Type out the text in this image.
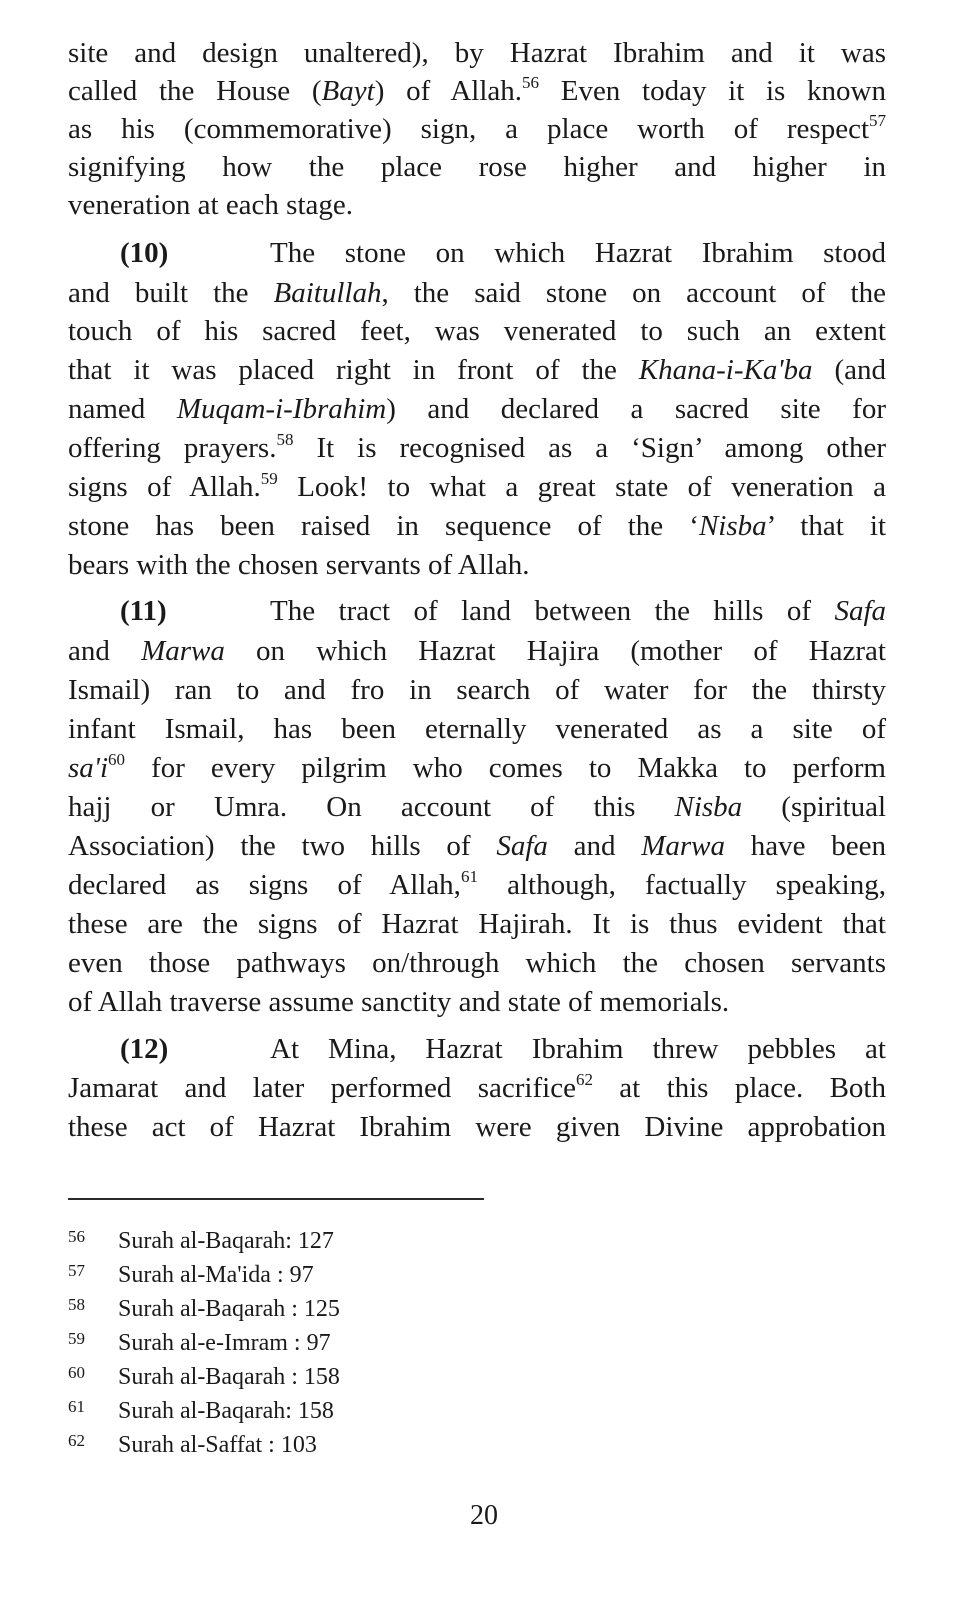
site and design unaltered), by Hazrat Ibrahim and it was
called the House (Bayt) of Allah.$^{56}$ Even today it is known
as his (commemorative) sign, a place worth of respect$^{57}$
signifying how the place rose higher and higher in
veneration at each stage.
(10)	The stone on which Hazrat Ibrahim stood
and built the Baitullah, the said stone on account of the
touch of his sacred feet, was venerated to such an extent
that it was placed right in front of the Khana-i-Ka'ba (and
named Muqam-i-Ibrahim) and declared a sacred site for
offering prayers.$^{58}$ It is recognised as a ‘Sign’ among other
signs of Allah.$^{59}$ Look! to what a great state of veneration a
stone has been raised in sequence of the ‘Nisba’ that it
bears with the chosen servants of Allah.
(11)	The tract of land between the hills of Safa
and Marwa on which Hazrat Hajira (mother of Hazrat
Ismail) ran to and fro in search of water for the thirsty
infant Ismail, has been eternally venerated as a site of
$sa'i^{60}$ for every pilgrim who comes to Makka to perform
hajj or Umra. On account of this Nisba (spiritual
Association) the two hills of Safa and Marwa have been
declared as signs of Allah,$^{61}$ although, factually speaking,
these are the signs of Hazrat Hajirah. It is thus evident that
even those pathways on/through which the chosen servants
of Allah traverse assume sanctity and state of memorials.
(12)	At Mina, Hazrat Ibrahim threw pebbles at
Jamarat and later performed sacrifice$^{62}$ at this place. Both
these act of Hazrat Ibrahim were given Divine approbation
56 Surah al-Baqarah: 127
57 Surah al-Ma'ida : 97
58 Surah al-Baqarah : 125
59 Surah al-e-Imram : 97
60 Surah al-Baqarah : 158
61 Surah al-Baqarah: 158
62 Surah al-Saffat : 103
20
